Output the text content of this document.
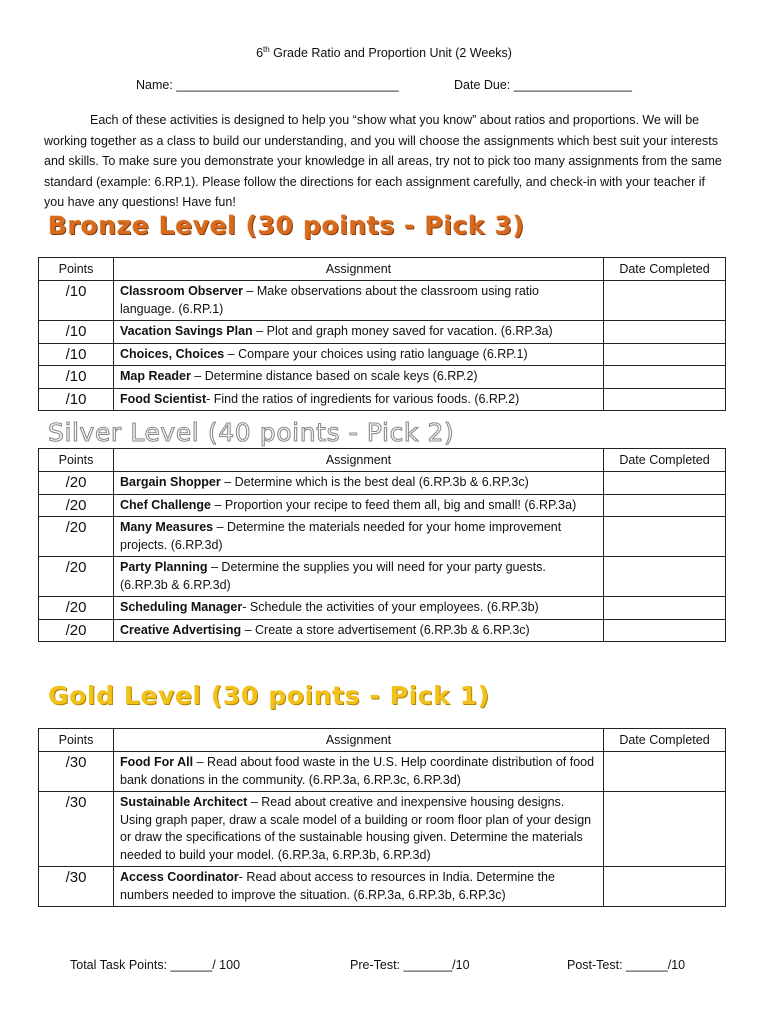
6th Grade Ratio and Proportion Unit (2 Weeks)
Name: ________________________________	Date Due: _________________
Each of these activities is designed to help you “show what you know” about ratios and proportions. We will be working together as a class to build our understanding, and you will choose the assignments which best suit your interests and skills. To make sure you demonstrate your knowledge in all areas, try not to pick too many assignments from the same standard (example: 6.RP.1). Please follow the directions for each assignment carefully, and check-in with your teacher if you have any questions! Have fun!
Bronze Level (30 points - Pick 3)
Points	Assignment	Date Completed
/10	Classroom Observer – Make observations about the classroom using ratio language. (6.RP.1)	
/10	Vacation Savings Plan – Plot and graph money saved for vacation. (6.RP.3a)	
/10	Choices, Choices – Compare your choices using ratio language (6.RP.1)	
/10	Map Reader – Determine distance based on scale keys (6.RP.2)	
/10	Food Scientist- Find the ratios of ingredients for various foods. (6.RP.2)	
Silver Level (40 points - Pick 2)
Points	Assignment	Date Completed
/20	Bargain Shopper – Determine which is the best deal (6.RP.3b & 6.RP.3c)	
/20	Chef Challenge – Proportion your recipe to feed them all, big and small! (6.RP.3a)	
/20	Many Measures – Determine the materials needed for your home improvement projects. (6.RP.3d)	
/20	Party Planning – Determine the supplies you will need for your party guests. (6.RP.3b & 6.RP.3d)	
/20	Scheduling Manager- Schedule the activities of your employees. (6.RP.3b)	
/20	Creative Advertising – Create a store advertisement (6.RP.3b & 6.RP.3c)	
Gold Level (30 points - Pick 1)
Points	Assignment	Date Completed
/30	Food For All – Read about food waste in the U.S. Help coordinate distribution of food bank donations in the community. (6.RP.3a, 6.RP.3c, 6.RP.3d)	
/30	Sustainable Architect – Read about creative and inexpensive housing designs. Using graph paper, draw a scale model of a building or room floor plan of your design or draw the specifications of the sustainable housing given. Determine the materials needed to build your model. (6.RP.3a, 6.RP.3b, 6.RP.3d)	
/30	Access Coordinator- Read about access to resources in India. Determine the numbers needed to improve the situation. (6.RP.3a, 6.RP.3b, 6.RP.3c)	
Total Task Points: ______/ 100	Pre-Test: _______/10	Post-Test: ______/10
